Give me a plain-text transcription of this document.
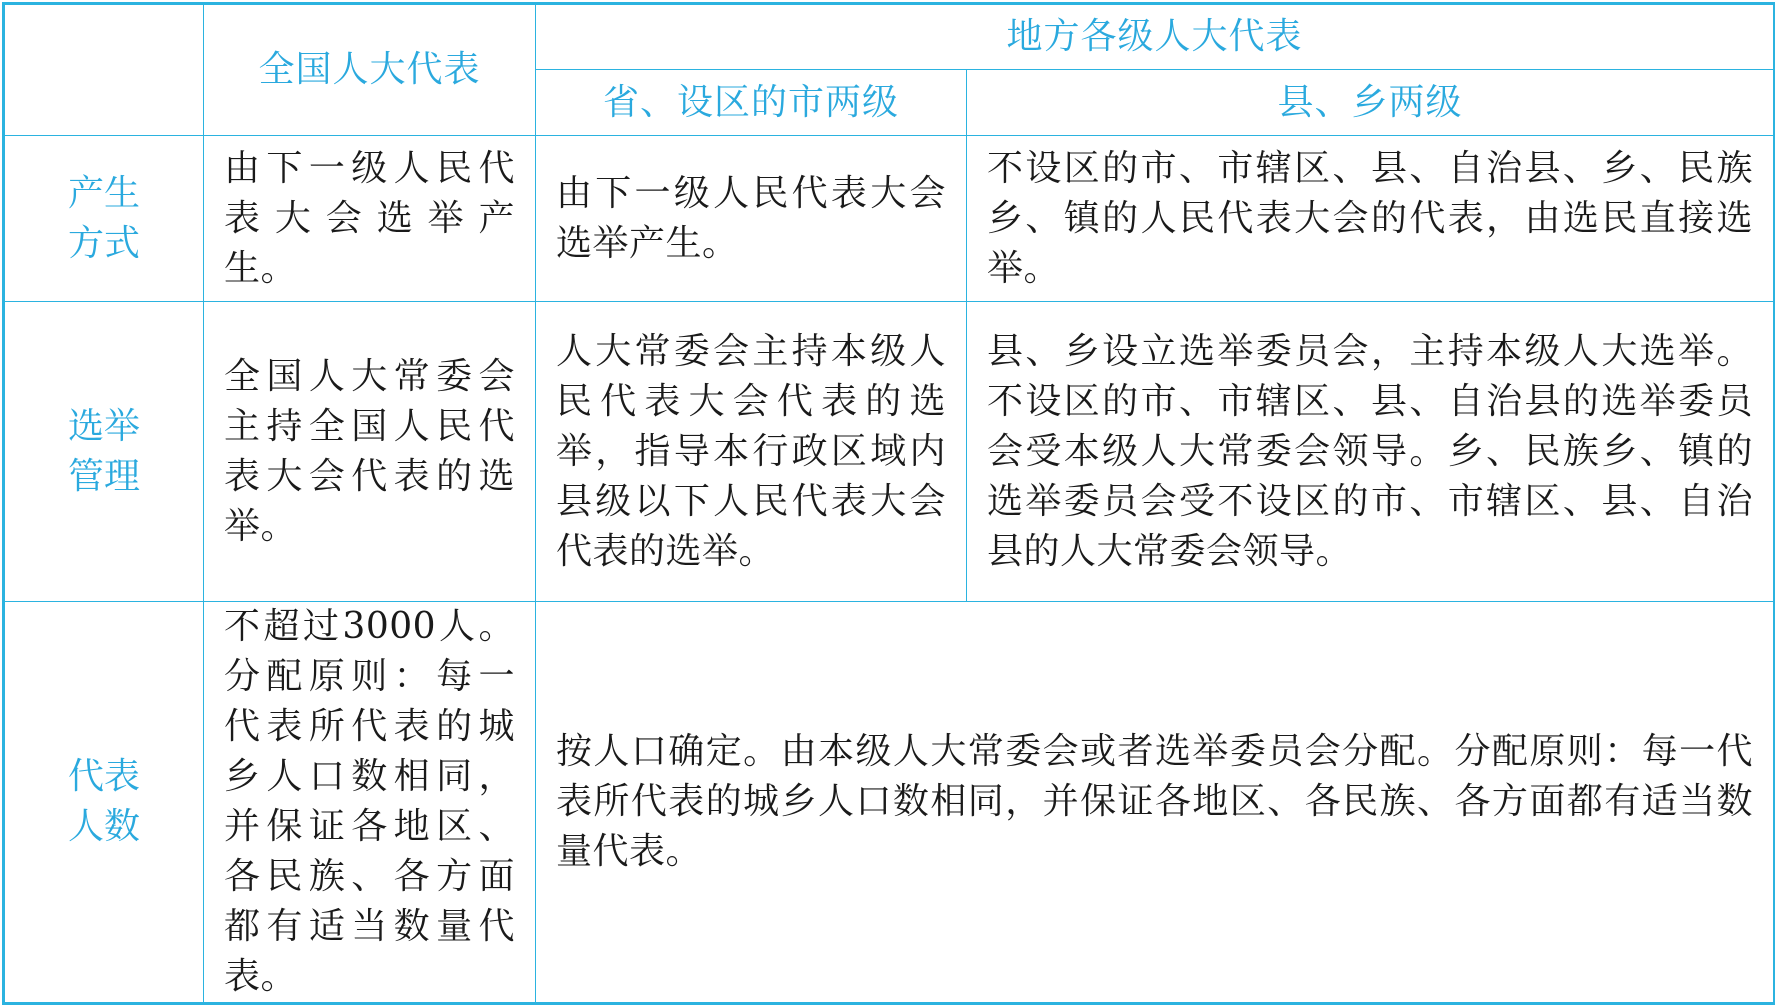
	全国人大代表	地方各级人大代表	
		省、设区的市两级	县、乡两级

产生
方式	由下一级人民代表大会选举产生。	由下一级人民代表大会选举产生。	不设区的市、市辖区、县、自治县、乡、民族乡、镇的人民代表大会的代表，由选民直接选举。

选举
管理	全国人大常委会主持全国人民代表大会代表的选举。	人大常委会主持本级人民代表大会代表的选举，指导本行政区域内县级以下人民代表大会代表的选举。	县、乡设立选举委员会，主持本级人大选举。不设区的市、市辖区、县、自治县的选举委员会受本级人大常委会领导。乡、民族乡、镇的选举委员会受不设区的市、市辖区、县、自治县的人大常委会领导。

代表
人数	不超过3000人。分配原则：每一代表所代表的城乡人口数相同，并保证各地区、各民族、各方面都有适当数量代表。	按人口确定。由本级人大常委会或者选举委员会分配。分配原则：每一代表所代表的城乡人口数相同，并保证各地区、各民族、各方面都有适当数量代表。	
